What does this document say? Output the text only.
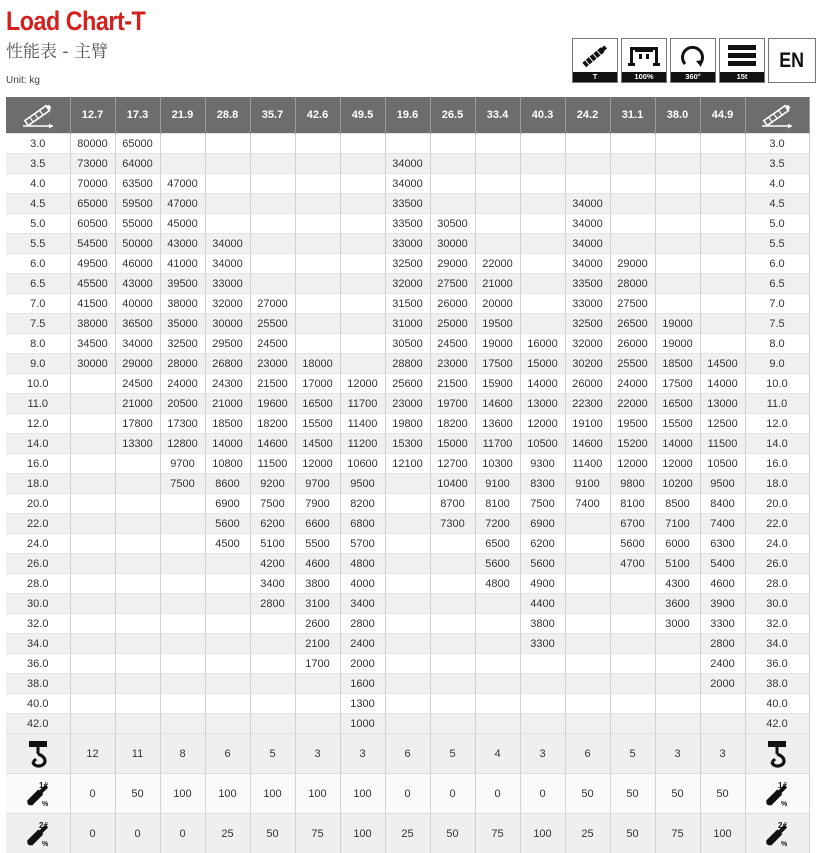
Load Chart-T
性能表 - 主臂
Unit: kg	T	100%	360°	15t
EN
	12.7	17.3	21.9	28.8	35.7	42.6	49.5	19.6	26.5	33.4	40.3	24.2	31.1	38.0	44.9	

3.0	80000	65000														3.0
3.5	73000	64000						34000								3.5
4.0	70000	63500	47000					34000								4.0
4.5	65000	59500	47000					33500				34000				4.5
5.0	60500	55000	45000					33500	30500			34000				5.0
5.5	54500	50000	43000	34000				33000	30000			34000				5.5
6.0	49500	46000	41000	34000				32500	29000	22000		34000	29000			6.0
6.5	45500	43000	39500	33000				32000	27500	21000		33500	28000			6.5
7.0	41500	40000	38000	32000	27000			31500	26000	20000		33000	27500			7.0
7.5	38000	36500	35000	30000	25500			31000	25000	19500		32500	26500	19000		7.5
8.0	34500	34000	32500	29500	24500			30500	24500	19000	16000	32000	26000	19000		8.0
9.0	30000	29000	28000	26800	23000	18000		28800	23000	17500	15000	30200	25500	18500	14500	9.0
10.0		24500	24000	24300	21500	17000	12000	25600	21500	15900	14000	26000	24000	17500	14000	10.0
11.0		21000	20500	21000	19600	16500	11700	23000	19700	14600	13000	22300	22000	16500	13000	11.0
12.0		17800	17300	18500	18200	15500	11400	19800	18200	13600	12000	19100	19500	15500	12500	12.0
14.0		13300	12800	14000	14600	14500	11200	15300	15000	11700	10500	14600	15200	14000	11500	14.0
16.0			9700	10800	11500	12000	10600	12100	12700	10300	9300	11400	12000	12000	10500	16.0
18.0			7500	8600	9200	9700	9500		10400	9100	8300	9100	9800	10200	9500	18.0
20.0				6900	7500	7900	8200		8700	8100	7500	7400	8100	8500	8400	20.0
22.0				5600	6200	6600	6800		7300	7200	6900		6700	7100	7400	22.0
24.0				4500	5100	5500	5700			6500	6200		5600	6000	6300	24.0
26.0					4200	4600	4800			5600	5600		4700	5100	5400	26.0
28.0					3400	3800	4000			4800	4900			4300	4600	28.0
30.0					2800	3100	3400				4400			3600	3900	30.0
32.0						2600	2800				3800			3000	3300	32.0
34.0						2100	2400				3300				2800	34.0
36.0						1700	2000								2400	36.0
38.0							1600								2000	38.0
40.0							1300									40.0
42.0							1000									42.0

	12	11	8	6	5	3	3	6	5	4	3	6	5	3	3	

1#
%	0	50	100	100	100	100	100	0	0	0	0	50	50	50	50	1#
%

2#
%	0	0	0	25	50	75	100	25	50	75	100	25	50	75	100	2#
%
